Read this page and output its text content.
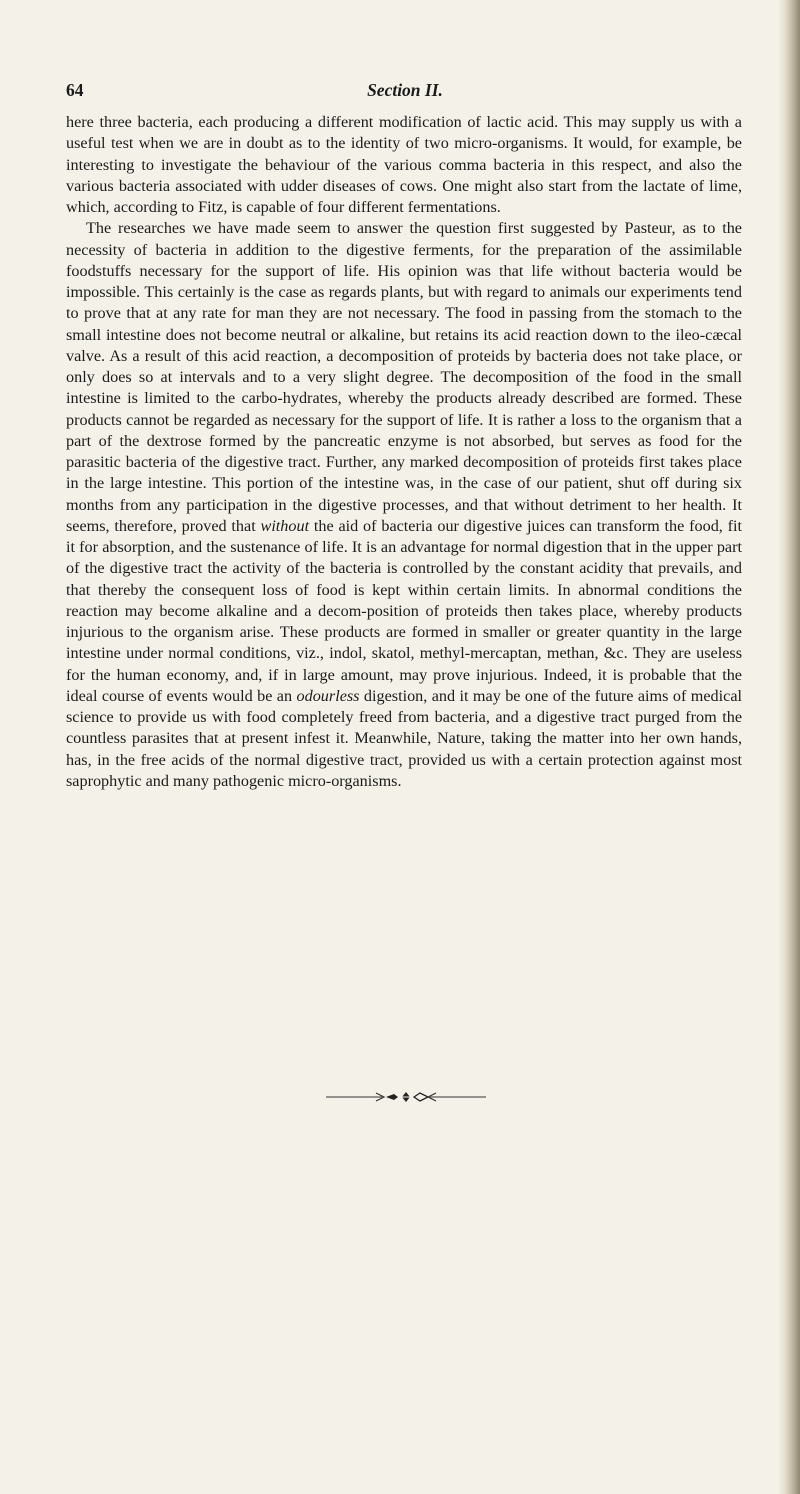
64	Section II.

here three bacteria, each producing a different modification of lactic acid. This may supply us with a useful test when we are in doubt as to the identity of two micro-organisms. It would, for example, be interesting to investigate the behaviour of the various comma bacteria in this respect, and also the various bacteria associated with udder diseases of cows. One might also start from the lactate of lime, which, according to Fitz, is capable of four different fermentations.

The researches we have made seem to answer the question first suggested by Pasteur, as to the necessity of bacteria in addition to the digestive ferments, for the preparation of the assimilable foodstuffs necessary for the support of life. His opinion was that life without bacteria would be impossible. This certainly is the case as regards plants, but with regard to animals our experiments tend to prove that at any rate for man they are not necessary. The food in passing from the stomach to the small intestine does not become neutral or alkaline, but retains its acid reaction down to the ileo-cæcal valve. As a result of this acid reaction, a decomposition of proteids by bacteria does not take place, or only does so at intervals and to a very slight degree. The decomposition of the food in the small intestine is limited to the carbo-hydrates, whereby the products already described are formed. These products cannot be regarded as necessary for the support of life. It is rather a loss to the organism that a part of the dextrose formed by the pancreatic enzyme is not absorbed, but serves as food for the parasitic bacteria of the digestive tract. Further, any marked decomposition of proteids first takes place in the large intestine. This portion of the intestine was, in the case of our patient, shut off during six months from any participation in the digestive processes, and that without detriment to her health. It seems, therefore, proved that without the aid of bacteria our digestive juices can transform the food, fit it for absorption, and the sustenance of life. It is an advantage for normal digestion that in the upper part of the digestive tract the activity of the bacteria is controlled by the constant acidity that prevails, and that thereby the consequent loss of food is kept within certain limits. In abnormal conditions the reaction may become alkaline and a decom-position of proteids then takes place, whereby products injurious to the organism arise. These products are formed in smaller or greater quantity in the large intestine under normal conditions, viz., indol, skatol, methyl-mercaptan, methan, &c. They are useless for the human economy, and, if in large amount, may prove injurious. Indeed, it is probable that the ideal course of events would be an odourless digestion, and it may be one of the future aims of medical science to provide us with food completely freed from bacteria, and a digestive tract purged from the countless parasites that at present infest it. Meanwhile, Nature, taking the matter into her own hands, has, in the free acids of the normal digestive tract, provided us with a certain protection against most saprophytic and many pathogenic micro-organisms.
